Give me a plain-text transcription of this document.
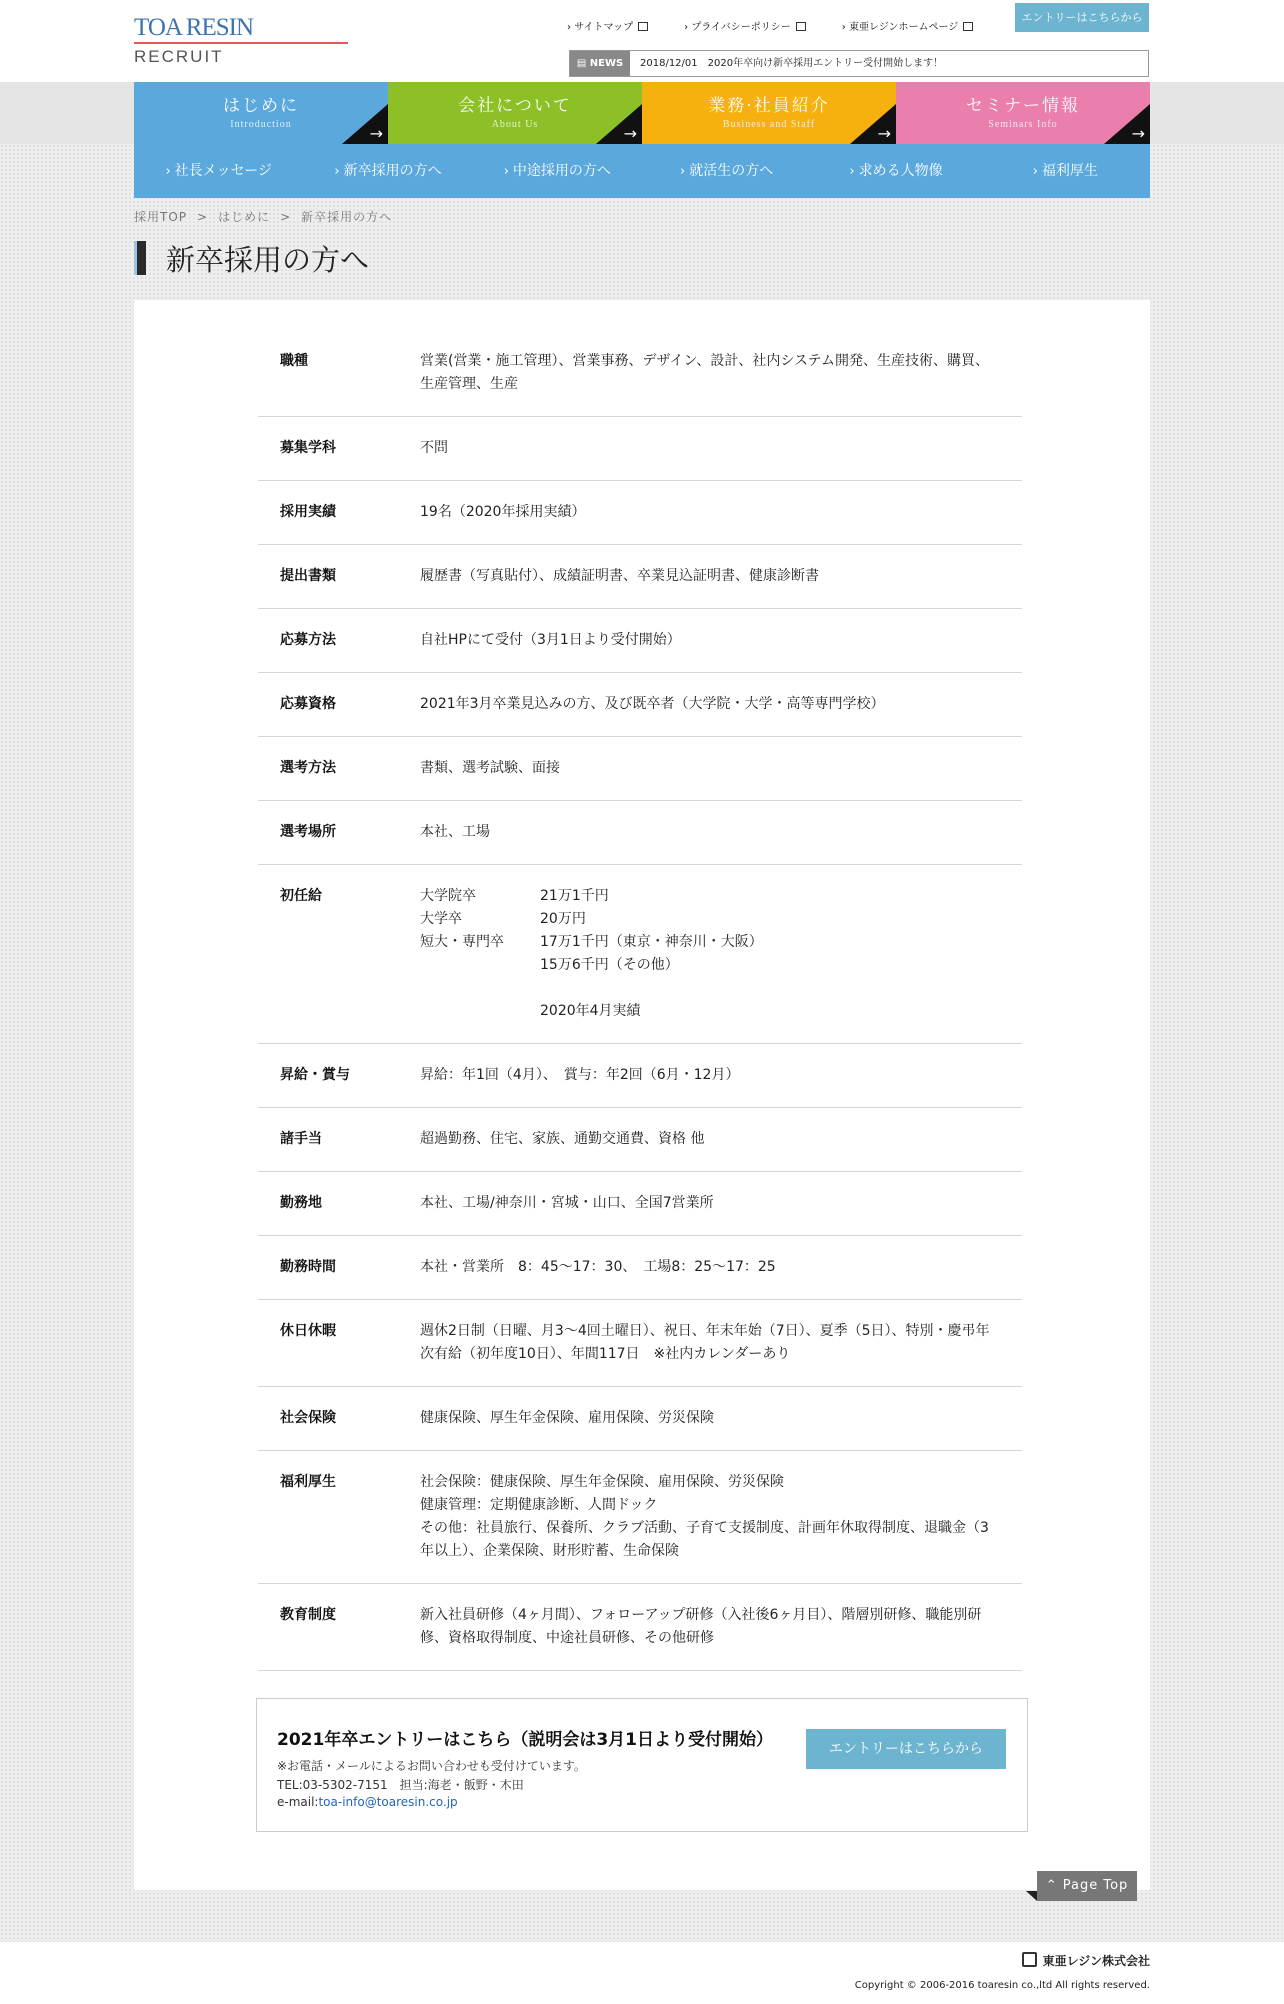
TOA RESIN
RECRUIT
› サイトマップ	› プライバシーポリシー	› 東亜レジンホームページ
エントリーはこちらから
▤ NEWS 2018/12/01 2020年卒向け新卒採用エントリー受付開始します！
はじめに
Introduction	→
会社について
About Us	→
業務·社員紹介
Business and Staff	→
セミナー情報
Seminars Info	→
› 社長メッセージ	› 新卒採用の方へ	› 中途採用の方へ	› 就活生の方へ	› 求める人物像	› 福利厚生
採用TOP > はじめに > 新卒採用の方へ
新卒採用の方へ
職種	営業(営業・施工管理）、営業事務、デザイン、設計、社内システム開発、生産技術、購買、生産管理、生産
募集学科	不問
採用実績	19名（2020年採用実績）
提出書類	履歴書（写真貼付）、成績証明書、卒業見込証明書、健康診断書
応募方法	自社HPにて受付（3月1日より受付開始）
応募資格	2021年3月卒業見込みの方、及び既卒者（大学院・大学・高等専門学校）
選考方法	書類、選考試験、面接
選考場所	本社、工場
初任給	大学院卒	21万1千円
大学卒	20万円
短大・専門卒	17万1千円（東京・神奈川・大阪）
15万6千円（その他）
2020年4月実績
昇給・賞与	昇給：年1回（4月）、　賞与：年2回（6月・12月）
諸手当	超過勤務、住宅、家族、通勤交通費、資格 他
勤務地	本社、工場/神奈川・宮城・山口、全国7営業所
勤務時間	本社・営業所　8：45～17：30、　工場8：25～17：25
休日休暇	週休2日制（日曜、月3～4回土曜日）、祝日、年末年始（7日）、夏季（5日）、特別・慶弔年次有給（初年度10日）、年間117日　※社内カレンダーあり
社会保険	健康保険、厚生年金保険、雇用保険、労災保険
福利厚生	社会保険：健康保険、厚生年金保険、雇用保険、労災保険
健康管理：定期健康診断、人間ドック
その他：社員旅行、保養所、クラブ活動、子育て支援制度、計画年休取得制度、退職金（3年以上）、企業保険、財形貯蓄、生命保険
教育制度	新入社員研修（4ヶ月間）、フォローアップ研修（入社後6ヶ月目）、階層別研修、職能別研修、資格取得制度、中途社員研修、その他研修
2021年卒エントリーはこちら（説明会は3月1日より受付開始）
※お電話・メールによるお問い合わせも受付けています。
TEL:03-5302-7151　担当:海老・飯野・木田
e-mail:toa-info@toaresin.co.jp
エントリーはこちらから
⌃ Page Top
東亜レジン株式会社
Copyright © 2006-2016 toaresin co.,ltd All rights reserved.
